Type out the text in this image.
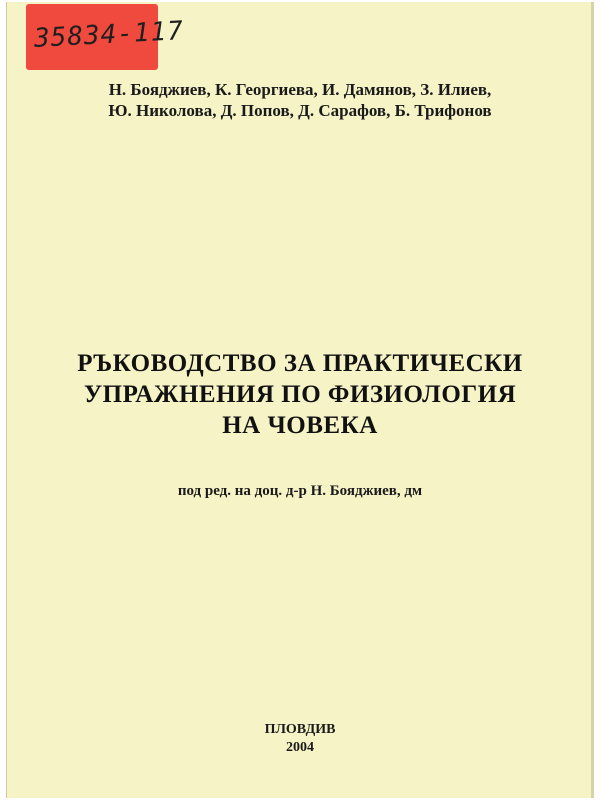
35834-117
Н. Бояджиев, К. Георгиева, И. Дамянов, З. Илиев,
Ю. Николова, Д. Попов, Д. Сарафов, Б. Трифонов
РЪКОВОДСТВО ЗА ПРАКТИЧЕСКИ
УПРАЖНЕНИЯ ПО ФИЗИОЛОГИЯ
НА ЧОВЕКА
под ред. на доц. д-р Н. Бояджиев, дм
ПЛОВДИВ
2004
